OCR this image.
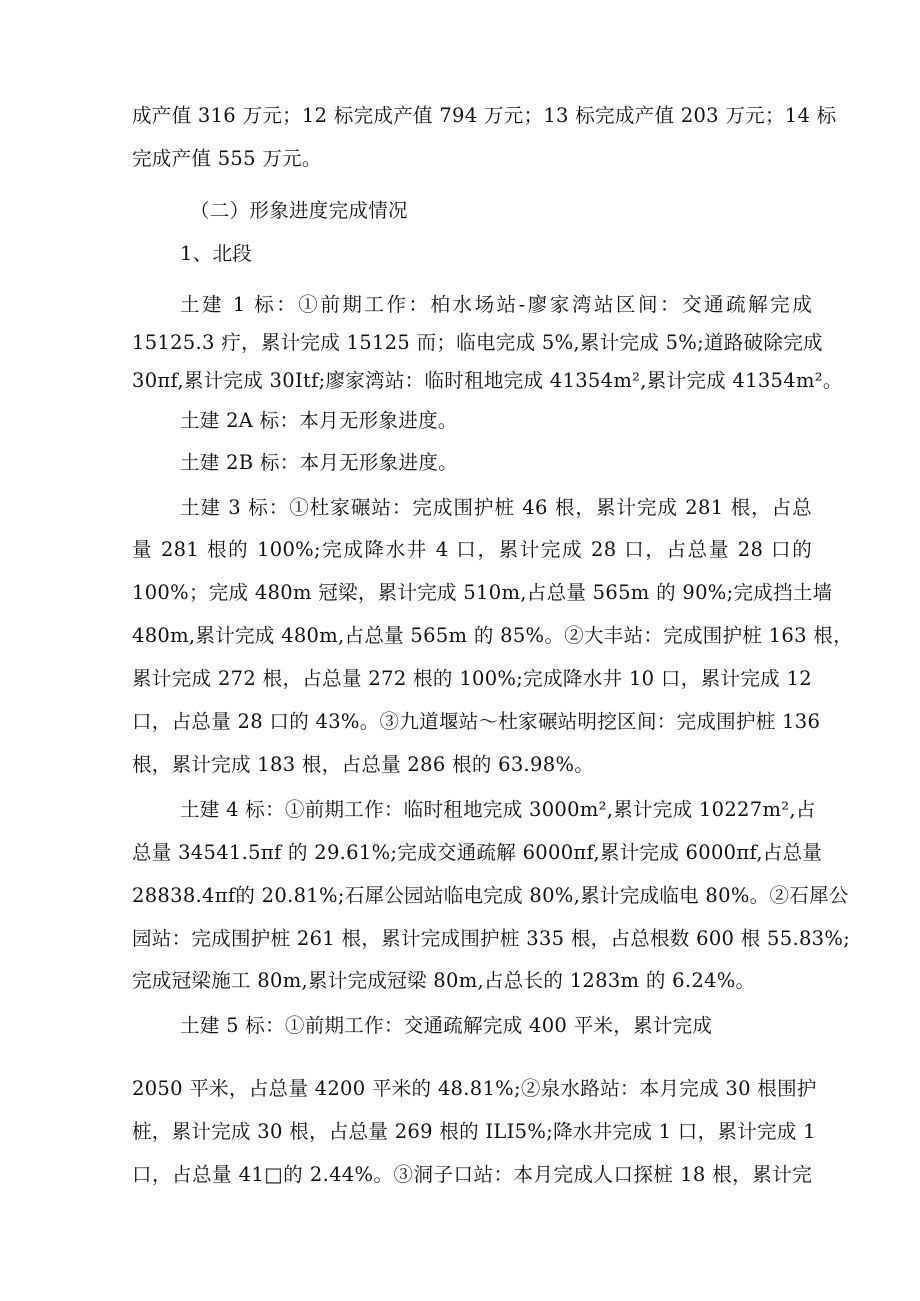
成产值 316 万元；12 标完成产值 794 万元；13 标完成产值 203 万元；14 标
完成产值 555 万元。
（二）形象进度完成情况
1、北段
土建 1 标：①前期工作：柏水场站-廖家湾站区间：交通疏解完成
15125.3 疔，累计完成 15125 而；临电完成 5%,累计完成 5%;道路破除完成
30πf,累计完成 30Itf;廖家湾站：临时租地完成 41354m²,累计完成 41354m²。
土建 2A 标：本月无形象进度。
土建 2B 标：本月无形象进度。
土建 3 标：①杜家碾站：完成围护桩 46 根，累计完成 281 根，占总
量 281 根的 100%;完成降水井 4 口，累计完成 28 口，占总量 28 口的
100%；完成 480m 冠梁，累计完成 510m,占总量 565m 的 90%;完成挡土墙
480m,累计完成 480m,占总量 565m 的 85%。②大丰站：完成围护桩 163 根，
累计完成 272 根，占总量 272 根的 100%;完成降水井 10 口，累计完成 12
口，占总量 28 口的 43%。③九道堰站～杜家碾站明挖区间：完成围护桩 136
根，累计完成 183 根，占总量 286 根的 63.98%。
土建 4 标：①前期工作：临时租地完成 3000m²,累计完成 10227m²,占
总量 34541.5πf 的 29.61%;完成交通疏解 6000πf,累计完成 6000πf,占总量
28838.4πf的 20.81%;石犀公园站临电完成 80%,累计完成临电 80%。②石犀公
园站：完成围护桩 261 根，累计完成围护桩 335 根，占总根数 600 根 55.83%;
完成冠梁施工 80m,累计完成冠梁 80m,占总长的 1283m 的 6.24%。
土建 5 标：①前期工作：交通疏解完成 400 平米，累计完成
2050 平米，占总量 4200 平米的 48.81%;②泉水路站：本月完成 30 根围护
桩，累计完成 30 根，占总量 269 根的 ILI5%;降水井完成 1 口，累计完成 1
口，占总量 41□的 2.44%。③洞子口站：本月完成人口探桩 18 根，累计完
